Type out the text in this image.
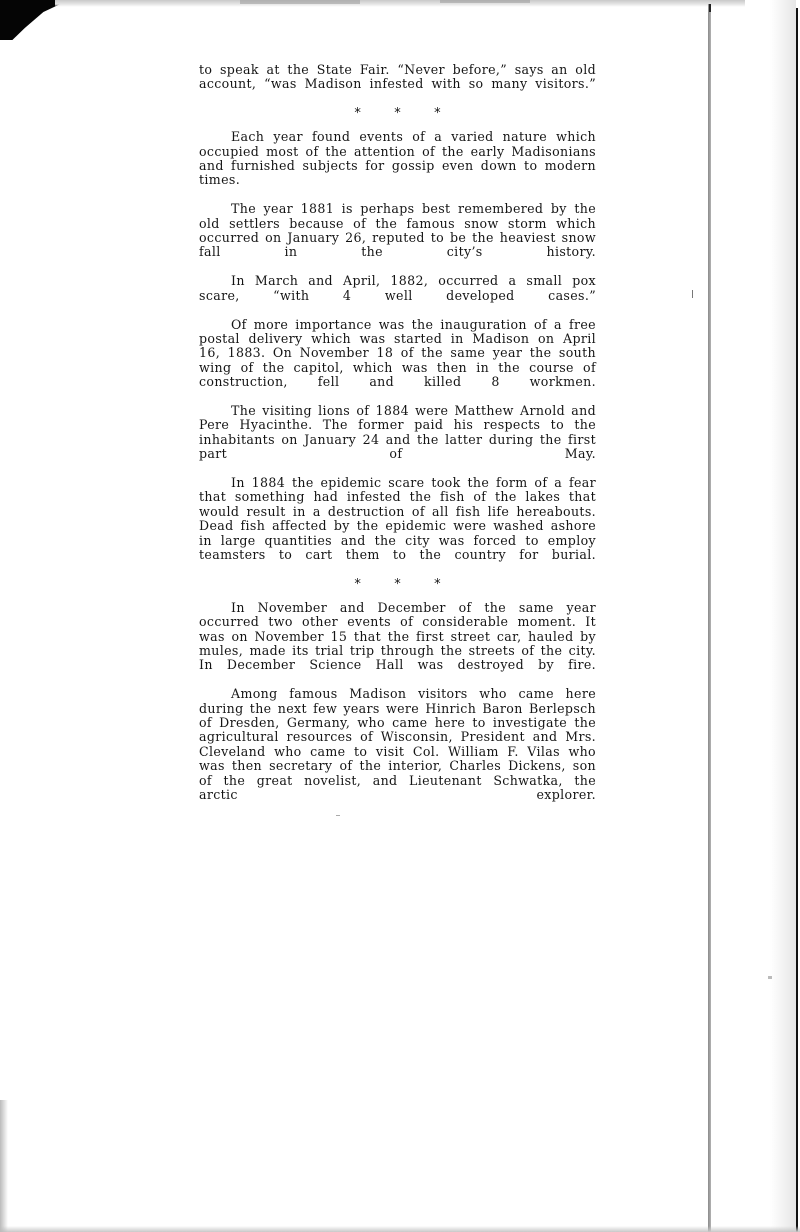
to speak at the State Fair. “Never before,” says an old account, “was Madison infested with so many visitors.”

* * *

Each year found events of a varied nature which occupied most of the attention of the early Madisonians and furnished subjects for gossip even down to modern times.

The year 1881 is perhaps best remembered by the old settlers because of the famous snow storm which occurred on January 26, reputed to be the heaviest snow fall in the city’s history.

In March and April, 1882, occurred a small pox scare, “with 4 well developed cases.”

Of more importance was the inauguration of a free postal delivery which was started in Madison on April 16, 1883. On November 18 of the same year the south wing of the capitol, which was then in the course of construction, fell and killed 8 workmen.

The visiting lions of 1884 were Matthew Arnold and Pere Hyacinthe. The former paid his respects to the inhabitants on January 24 and the latter during the first part of May.

In 1884 the epidemic scare took the form of a fear that something had infested the fish of the lakes that would result in a destruction of all fish life hereabouts. Dead fish affected by the epidemic were washed ashore in large quantities and the city was forced to employ teamsters to cart them to the country for burial.

* * *

In November and December of the same year occurred two other events of considerable moment. It was on November 15 that the first street car, hauled by mules, made its trial trip through the streets of the city. In December Science Hall was destroyed by fire.

Among famous Madison visitors who came here during the next few years were Hinrich Baron Berlepsch of Dresden, Germany, who came here to investigate the agricultural resources of Wisconsin, President and Mrs. Cleveland who came to visit Col. William F. Vilas who was then secretary of the interior, Charles Dickens, son of the great novelist, and Lieutenant Schwatka, the arctic explorer.
